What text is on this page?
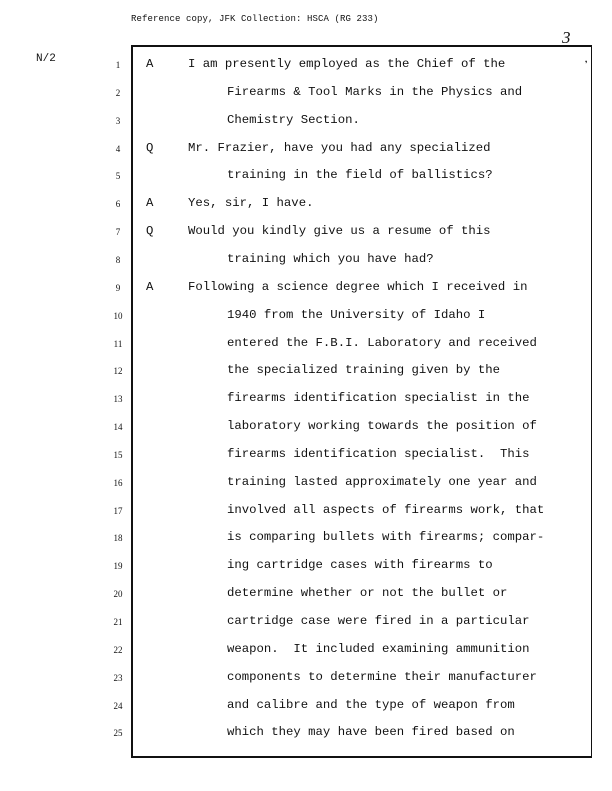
Reference copy, JFK Collection: HSCA (RG 233)
3
N/2
❜
1	A	I am presently employed as the Chief of the
2	Firearms & Tool Marks in the Physics and
3	Chemistry Section.
4	Q	Mr. Frazier, have you had any specialized
5	training in the field of ballistics?
6	A	Yes, sir, I have.
7	Q	Would you kindly give us a resume of this
8	training which you have had?
9	A	Following a science degree which I received in
10	1940 from the University of Idaho I
11	entered the F.B.I. Laboratory and received
12	the specialized training given by the
13	firearms identification specialist in the
14	laboratory working towards the position of
15	firearms identification specialist.  This
16	training lasted approximately one year and
17	involved all aspects of firearms work, that
18	is comparing bullets with firearms; compar-
19	ing cartridge cases with firearms to
20	determine whether or not the bullet or
21	cartridge case were fired in a particular
22	weapon.  It included examining ammunition
23	components to determine their manufacturer
24	and calibre and the type of weapon from
25	which they may have been fired based on
